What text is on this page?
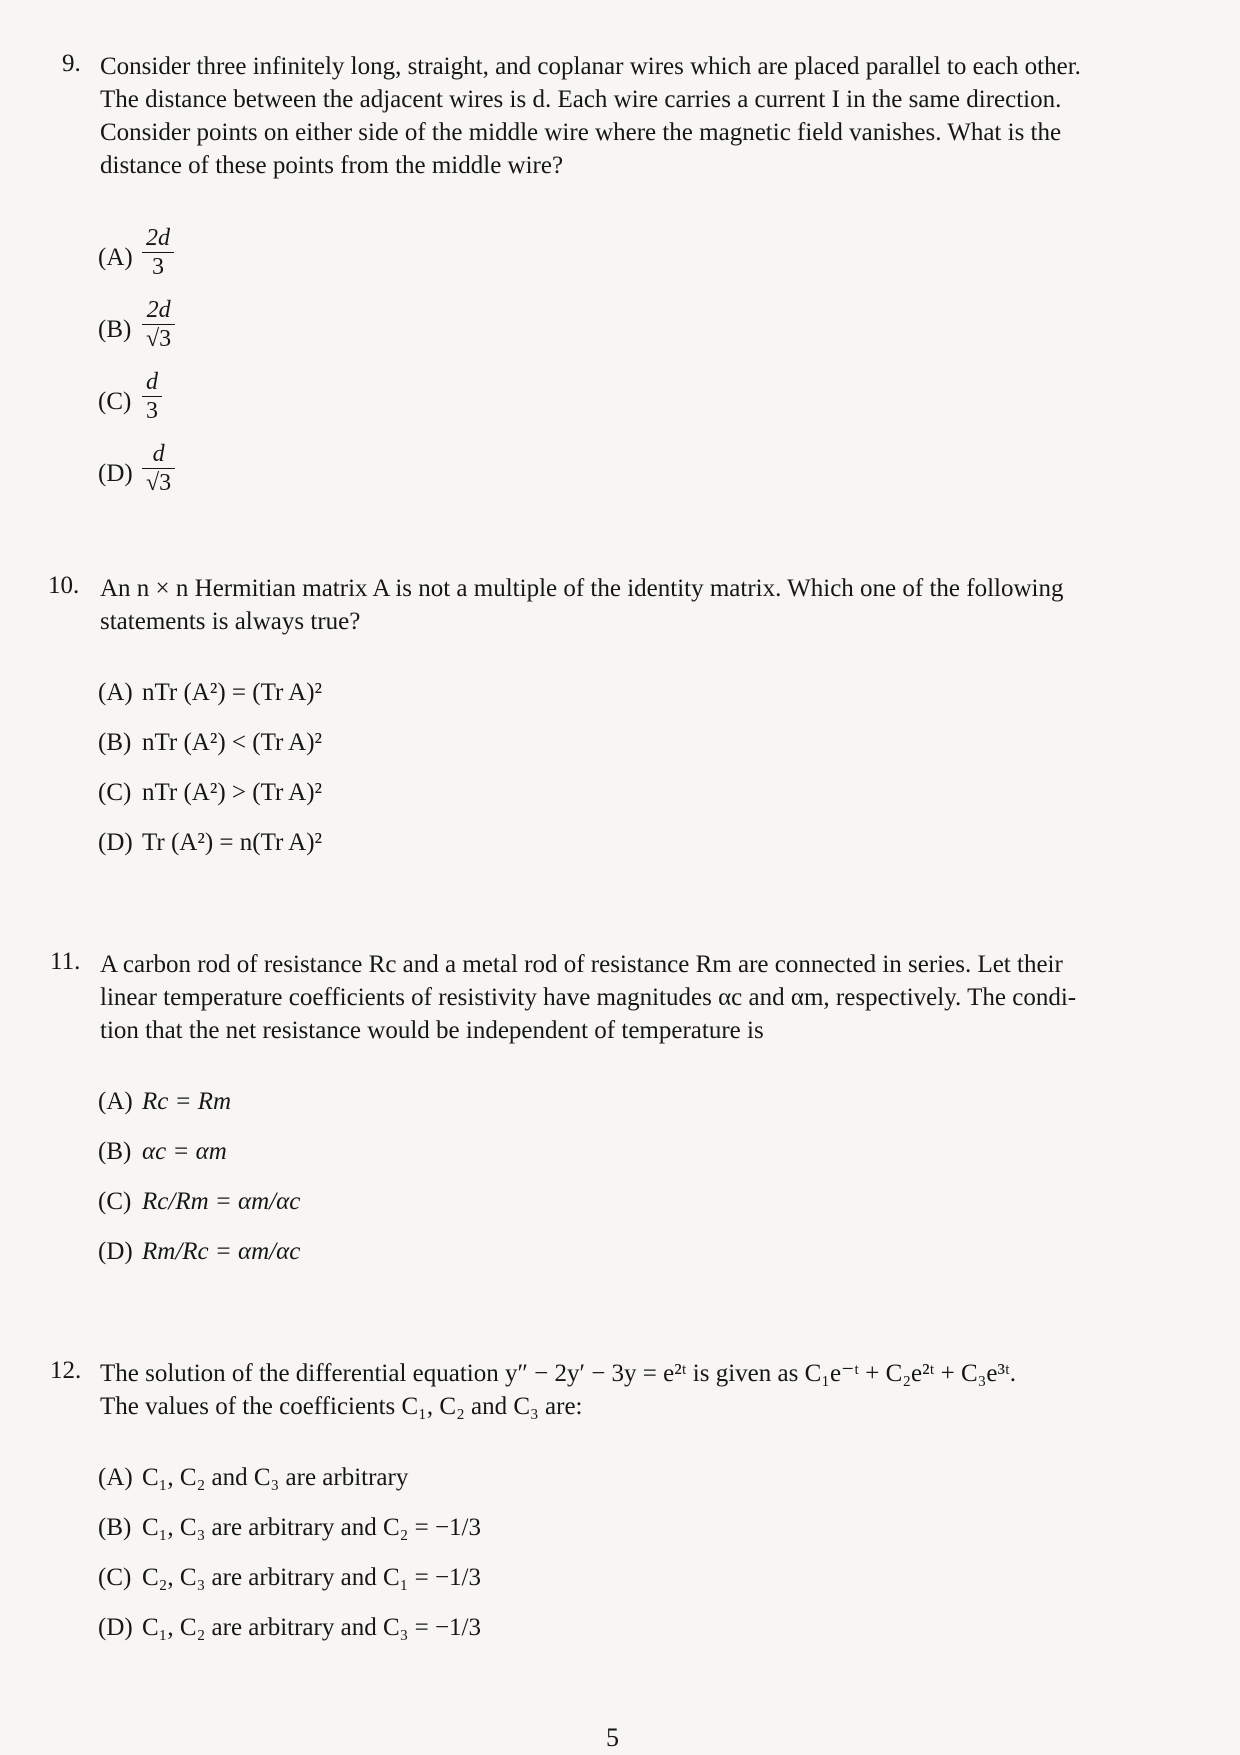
9. Consider three infinitely long, straight, and coplanar wires which are placed parallel to each other.
The distance between the adjacent wires is d. Each wire carries a current I in the same direction.
Consider points on either side of the middle wire where the magnetic field vanishes. What is the
distance of these points from the middle wire?
$(A) \frac{2d}{3}$
$(B) \frac{2d}{√3}$
$(C) \frac{d}{3}$
$(D) \frac{d}{√3}$
10. An n × n Hermitian matrix A is not a multiple of the identity matrix. Which one of the following
statements is always true?
(A) nTr (A²) = (Tr A)²
(B) nTr (A²) < (Tr A)²
(C) nTr (A²) > (Tr A)²
(D) Tr (A²) = n(Tr A)²
11. A carbon rod of resistance Rc and a metal rod of resistance Rm are connected in series. Let their
linear temperature coefficients of resistivity have magnitudes αc and αm, respectively. The condi-
tion that the net resistance would be independent of temperature is
(A) Rc = Rm
(B) αc = αm
(C) Rc/Rm = αm/αc
(D) Rm/Rc = αm/αc
12. The solution of the differential equation y″ − 2y′ − 3y = e²ᵗ is given as C₁e⁻ᵗ + C₂e²ᵗ + C₃e³ᵗ.
The values of the coefficients C₁, C₂ and C₃ are:
(A) C₁, C₂ and C₃ are arbitrary
(B) C₁, C₃ are arbitrary and C₂ = −1/3
(C) C₂, C₃ are arbitrary and C₁ = −1/3
(D) C₁, C₂ are arbitrary and C₃ = −1/3
5
